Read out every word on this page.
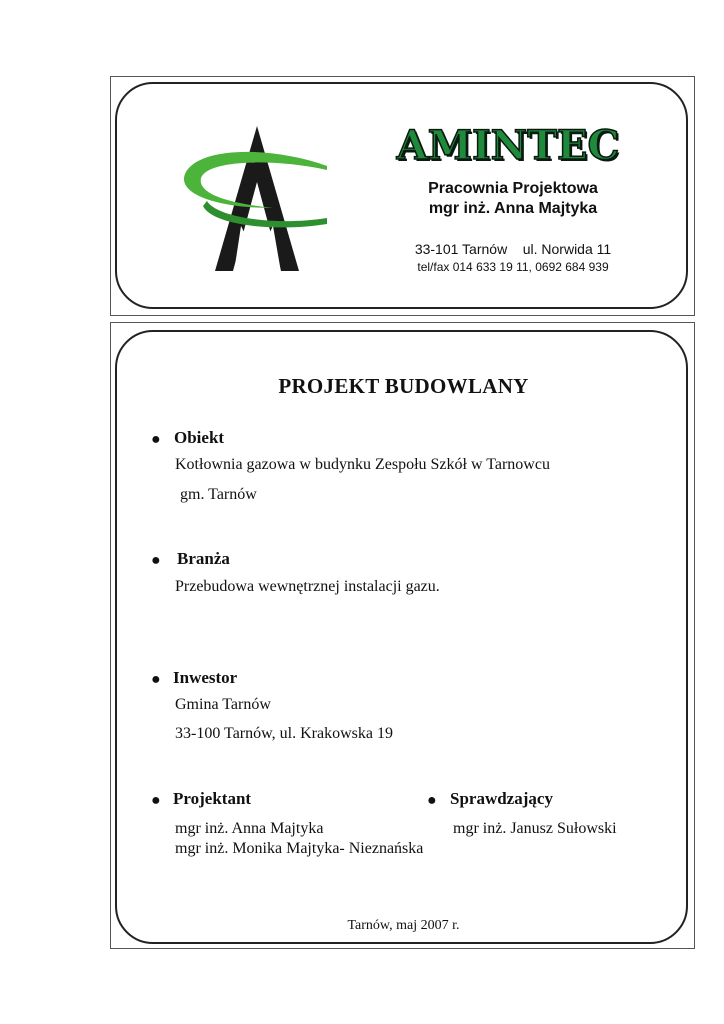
AMINTEC
Pracownia Projektowa
mgr inż. Anna Majtyka
33-101 Tarnów    ul. Norwida 11
tel/fax 014 633 19 11, 0692 684 939
PROJEKT BUDOWLANY
● Obiekt
Kotłownia gazowa w budynku Zespołu Szkół w Tarnowcu
gm. Tarnów
● Branża
Przebudowa wewnętrznej instalacji gazu.
● Inwestor
Gmina Tarnów
33-100 Tarnów, ul. Krakowska 19
● Projektant
mgr inż. Anna Majtyka
mgr inż. Monika Majtyka- Nieznańska
● Sprawdzający
mgr inż. Janusz Sułowski
Tarnów, maj 2007 r.
